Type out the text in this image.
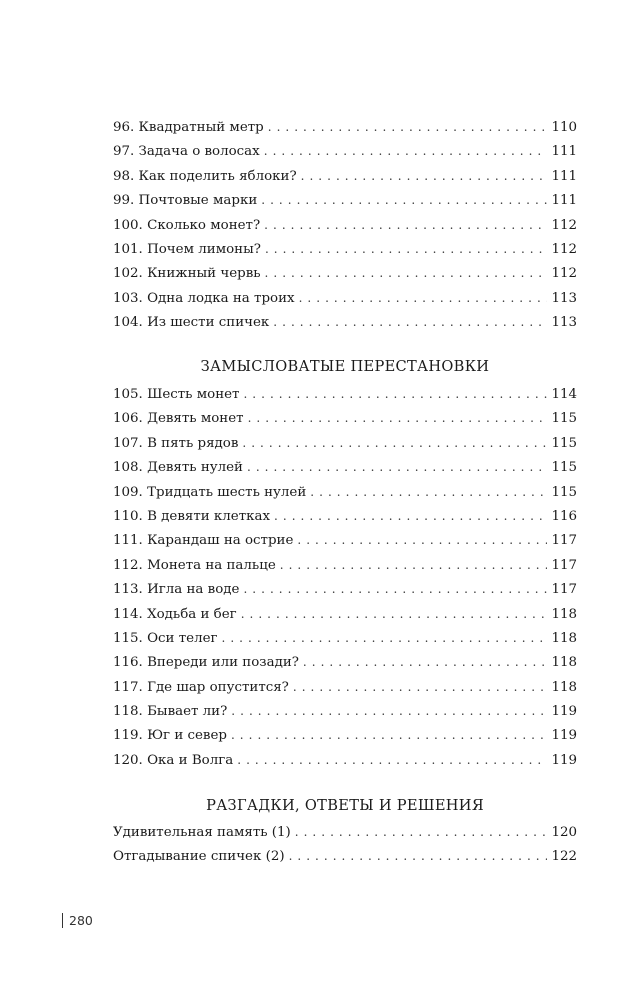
96. Квадратный метр . . .	110
97. Задача о волосах . . .	111
98. Как поделить яблоки? . . .	111
99. Почтовые марки . . .	111
100. Сколько монет? . . .	112
101. Почем лимоны? . . .	112
102. Книжный червь . . .	112
103. Одна лодка на троих . . .	113
104. Из шести спичек . . .	113
ЗАМЫСЛОВАТЫЕ ПЕРЕСТАНОВКИ
105. Шесть монет . . .	114
106. Девять монет . . .	115
107. В пять рядов . . .	115
108. Девять нулей . . .	115
109. Тридцать шесть нулей . . .	115
110. В девяти клетках . . .	116
111. Карандаш на острие . . .	117
112. Монета на пальце . . .	117
113. Игла на воде . . .	117
114. Ходьба и бег . . .	118
115. Оси телег . . .	118
116. Впереди или позади? . . .	118
117. Где шар опустится? . . .	118
118. Бывает ли? . . .	119
119. Юг и север . . .	119
120. Ока и Волга . . .	119
РАЗГАДКИ, ОТВЕТЫ И РЕШЕНИЯ
Удивительная память (1) . . .	120
Отгадывание спичек (2) . . .	122
280
